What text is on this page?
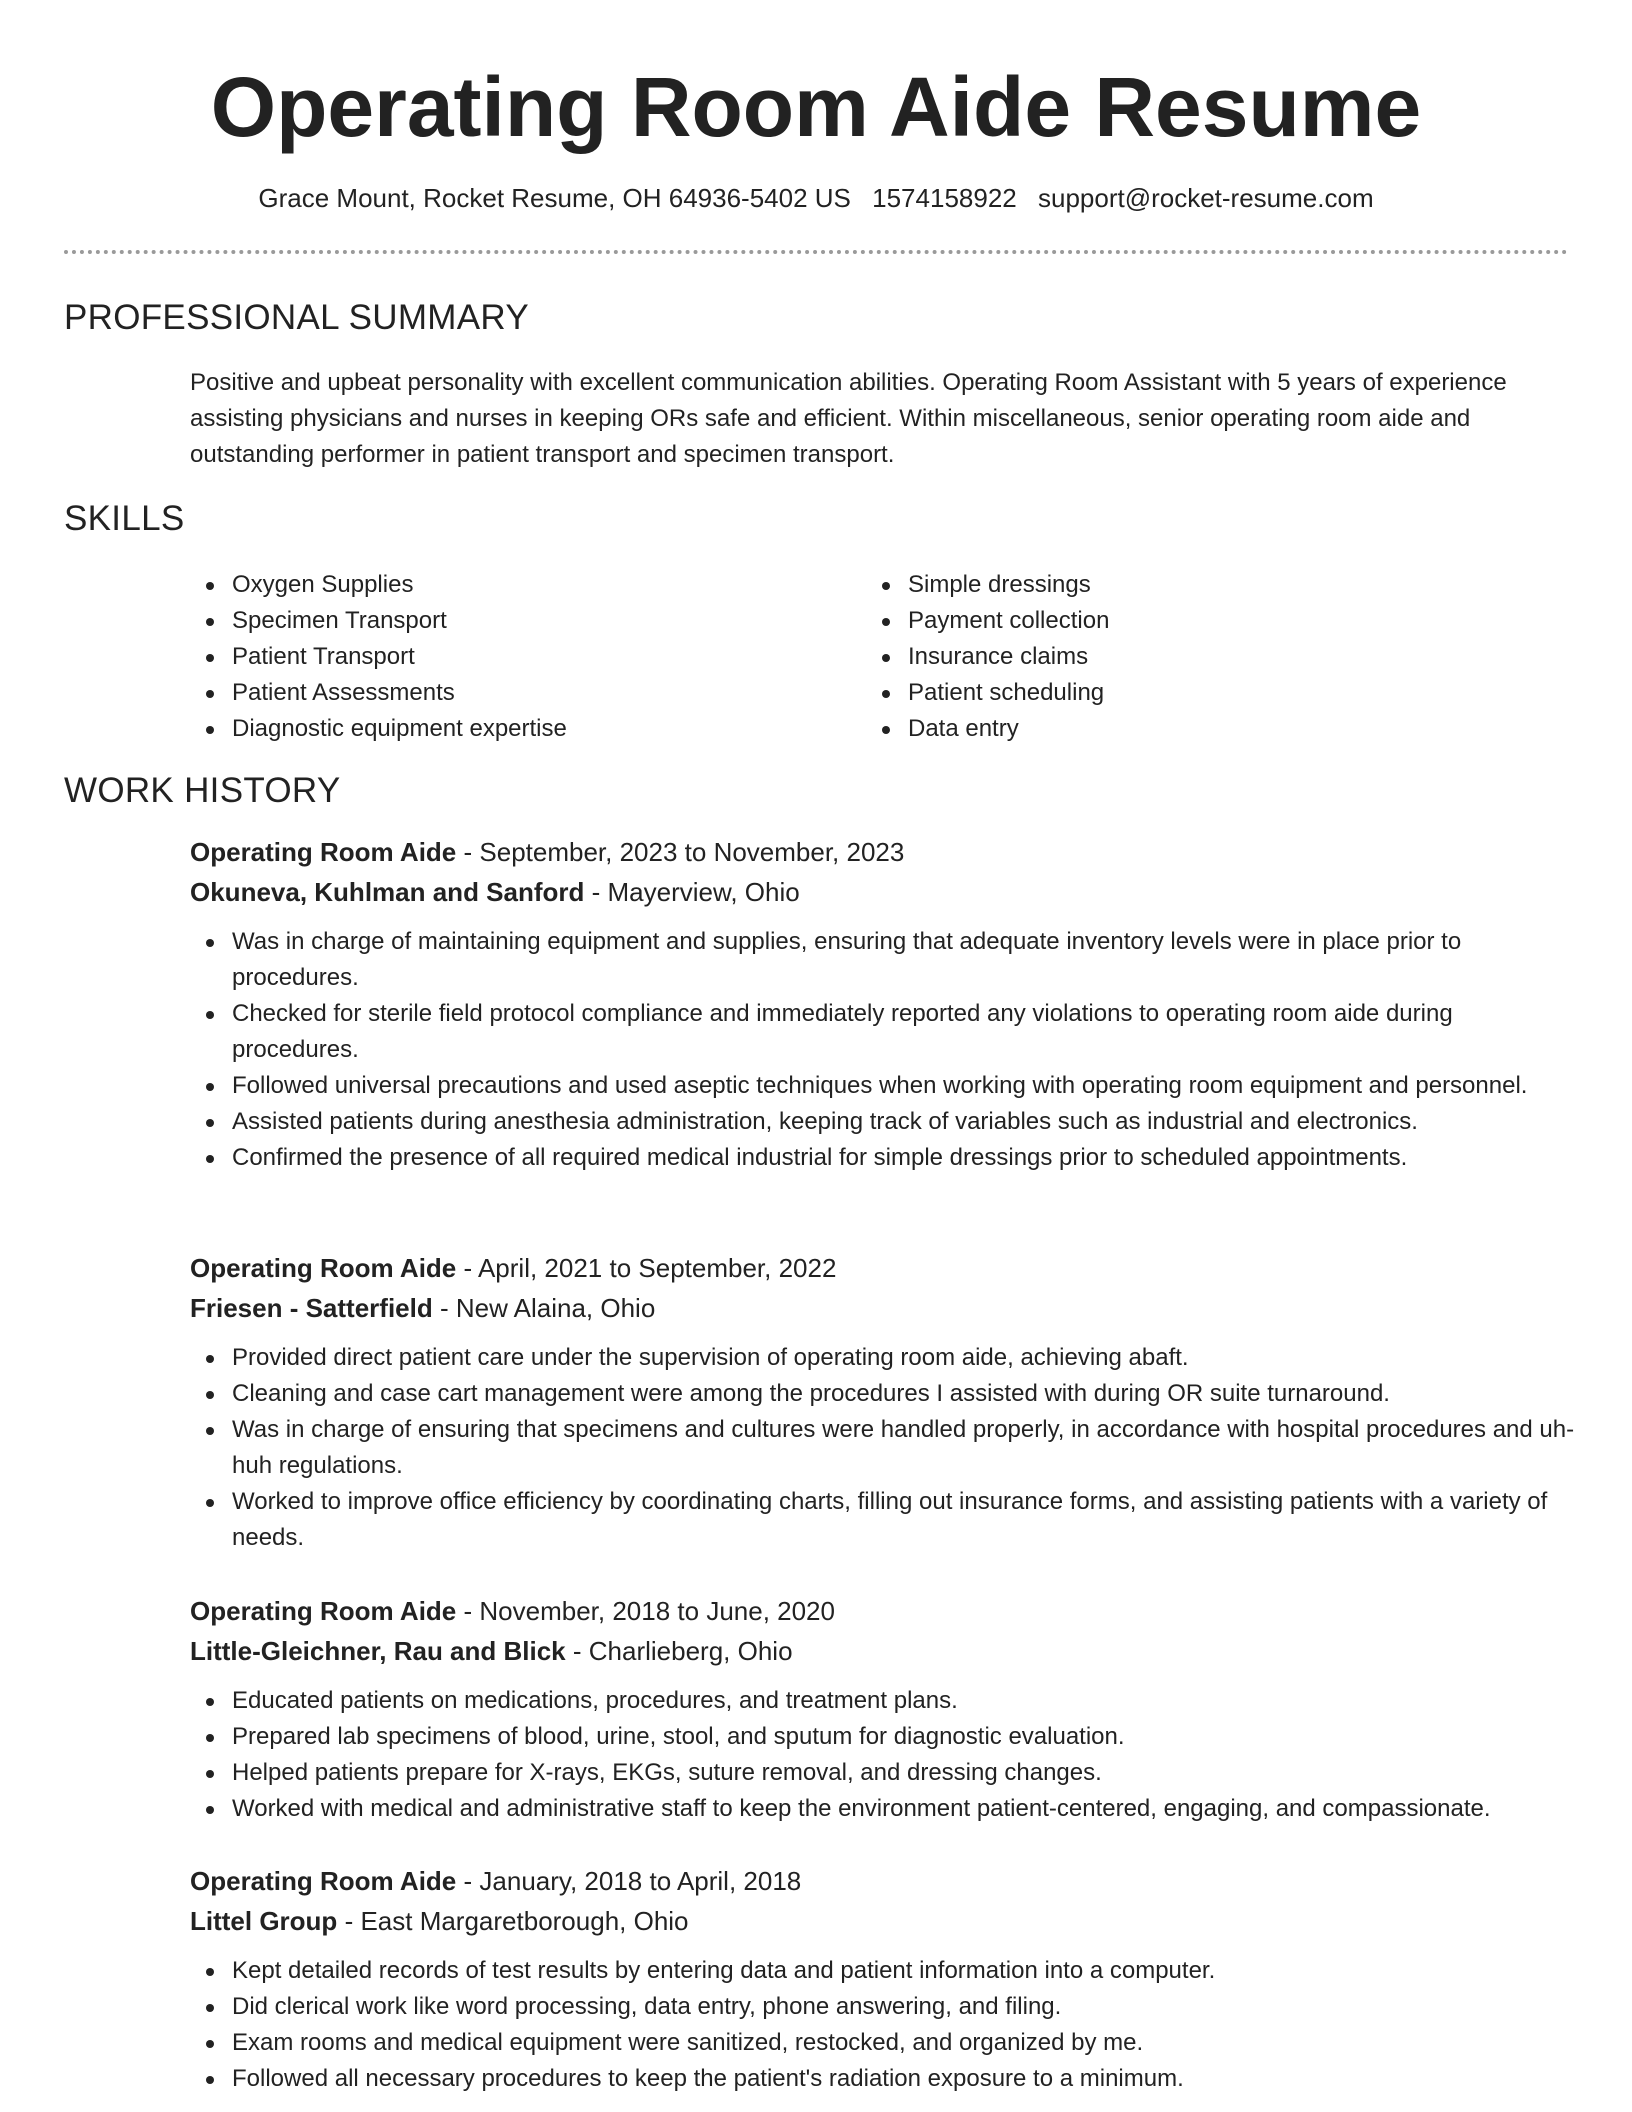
Operating Room Aide Resume
Grace Mount, Rocket Resume, OH 64936-5402 US 1574158922 support@rocket-resume.com
PROFESSIONAL SUMMARY

Positive and upbeat personality with excellent communication abilities. Operating Room Assistant with 5 years of experience assisting physicians and nurses in keeping ORs safe and efficient. Within miscellaneous, senior operating room aide and outstanding performer in patient transport and specimen transport.

SKILLS
Oxygen Supplies
Specimen Transport
Patient Transport
Patient Assessments
Diagnostic equipment expertise
Simple dressings
Payment collection
Insurance claims
Patient scheduling
Data entry
WORK HISTORY

Operating Room Aide - September, 2023 to November, 2023

Okuneva, Kuhlman and Sanford - Mayerview, Ohio

Was in charge of maintaining equipment and supplies, ensuring that adequate inventory levels were in place prior to procedures.
Checked for sterile field protocol compliance and immediately reported any violations to operating room aide during procedures.
Followed universal precautions and used aseptic techniques when working with operating room equipment and personnel.
Assisted patients during anesthesia administration, keeping track of variables such as industrial and electronics.
Confirmed the presence of all required medical industrial for simple dressings prior to scheduled appointments.

Operating Room Aide - April, 2021 to September, 2022

Friesen - Satterfield - New Alaina, Ohio

Provided direct patient care under the supervision of operating room aide, achieving abaft.
Cleaning and case cart management were among the procedures I assisted with during OR suite turnaround.
Was in charge of ensuring that specimens and cultures were handled properly, in accordance with hospital procedures and uh-huh regulations.
Worked to improve office efficiency by coordinating charts, filling out insurance forms, and assisting patients with a variety of needs.

Operating Room Aide - November, 2018 to June, 2020

Little-Gleichner, Rau and Blick - Charlieberg, Ohio

Educated patients on medications, procedures, and treatment plans.
Prepared lab specimens of blood, urine, stool, and sputum for diagnostic evaluation.
Helped patients prepare for X-rays, EKGs, suture removal, and dressing changes.
Worked with medical and administrative staff to keep the environment patient-centered, engaging, and compassionate.

Operating Room Aide - January, 2018 to April, 2018

Littel Group - East Margaretborough, Ohio

Kept detailed records of test results by entering data and patient information into a computer.
Did clerical work like word processing, data entry, phone answering, and filing.
Exam rooms and medical equipment were sanitized, restocked, and organized by me.
Followed all necessary procedures to keep the patient's radiation exposure to a minimum.
